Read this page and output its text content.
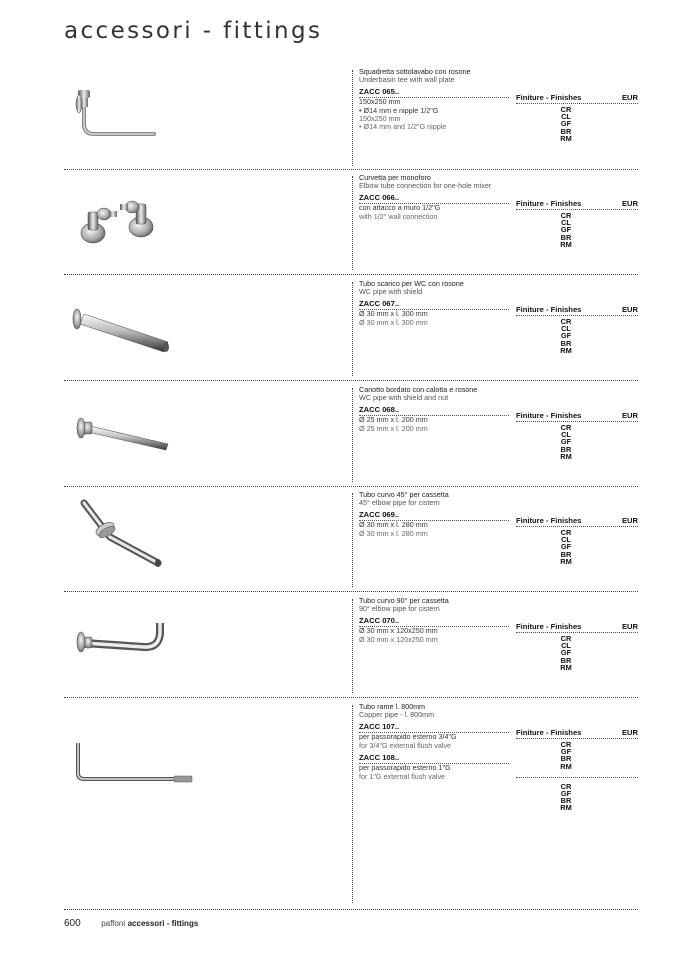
accessori - fittings
Squadretta sottolavabo con rosone
Underbasin tee with wall plate
ZACC 065..
150x250 mm
• Ø14 mm e nipple 1/2"G
150x250 mm
• Ø14 mm and 1/2"G nipple
Finiture - Finishes	EUR
CR
CL
GF
BR
RM
Curvetta per monoforo
Elbow tube connection for one-hole mixer
ZACC 066..
con attacco a muro 1/2"G
with 1/2" wall connection
Finiture - Finishes	EUR
CR
CL
GF
BR
RM
Tubo scarico per WC con rosone
WC pipe with shield
ZACC 067..
Ø 30 mm x l. 300 mm
Ø 30 mm x l. 300 mm
Finiture - Finishes	EUR
CR
CL
GF
BR
RM
Canotto bordato con calotta e rosone
WC pipe with shield and nut
ZACC 068..
Ø 25 mm x l. 200 mm
Ø 25 mm x l. 200 mm
Finiture - Finishes	EUR
CR
CL
GF
BR
RM
Tubo curvo 45° per cassetta
45° elbow pipe for cistern
ZACC 069..
Ø 30 mm x l. 280 mm
Ø 30 mm x l. 280 mm
Finiture - Finishes	EUR
CR
CL
GF
BR
RM
Tubo curvo 90° per cassetta
90° elbow pipe for cistern
ZACC 070..
Ø 30 mm x 120x250 mm
Ø 30 mm x 120x250 mm
Finiture - Finishes	EUR
CR
CL
GF
BR
RM
Tubo rame l. 800mm
Copper pipe - l. 800mm
ZACC 107..
per passorapido esterno 3/4"G
for 3/4"G external flush valve
ZACC 108..
per passorapido esterno 1"G
for 1"G external flush valve
Finiture - Finishes	EUR
CR
GF
BR
RM
CR
GF
BR
RM
600	paffoni accessori - fittings
